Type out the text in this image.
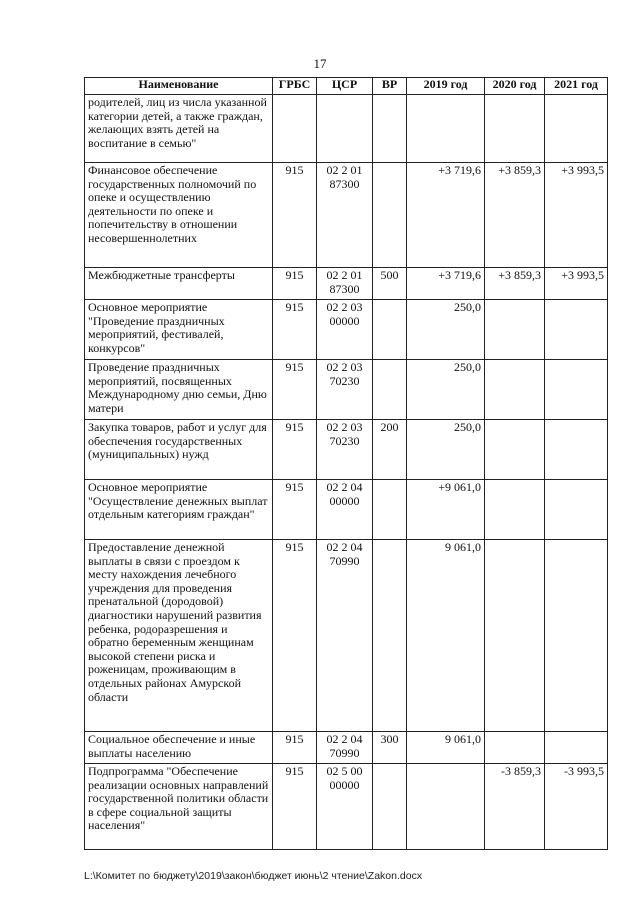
17
Наименование	ГРБС	ЦСР	ВР	2019 год	2020 год	2021 год
родителей, лиц из числа указанной категории детей, а также граждан, желающих взять детей на воспитание в семью"						
Финансовое обеспечение государственных полномочий по опеке и осуществлению деятельности по опеке и попечительству в отношении несовершеннолетних	915	02 2 01 87300		+3 719,6	+3 859,3	+3 993,5
Межбюджетные трансферты	915	02 2 01 87300	500	+3 719,6	+3 859,3	+3 993,5
Основное мероприятие "Проведение праздничных мероприятий, фестивалей, конкурсов"	915	02 2 03 00000		250,0		
Проведение праздничных мероприятий, посвященных Международному дню семьи, Дню матери	915	02 2 03 70230		250,0		
Закупка товаров, работ и услуг для обеспечения государственных (муниципальных) нужд	915	02 2 03 70230	200	250,0		
Основное мероприятие "Осуществление денежных выплат отдельным категориям граждан"	915	02 2 04 00000		+9 061,0		
Предоставление денежной выплаты в связи с проездом к месту нахождения лечебного учреждения для проведения пренатальной (дородовой) диагностики нарушений развития ребенка, родоразрешения и обратно беременным женщинам высокой степени риска и роженицам, проживающим в отдельных районах Амурской области	915	02 2 04 70990		9 061,0		
Социальное обеспечение и иные выплаты населению	915	02 2 04 70990	300	9 061,0		
Подпрограмма "Обеспечение реализации основных направлений государственной политики области в сфере социальной защиты населения"	915	02 5 00 00000			-3 859,3	-3 993,5
L:\Комитет по бюджету\2019\закон\бюджет июнь\2 чтение\Zakon.docx
